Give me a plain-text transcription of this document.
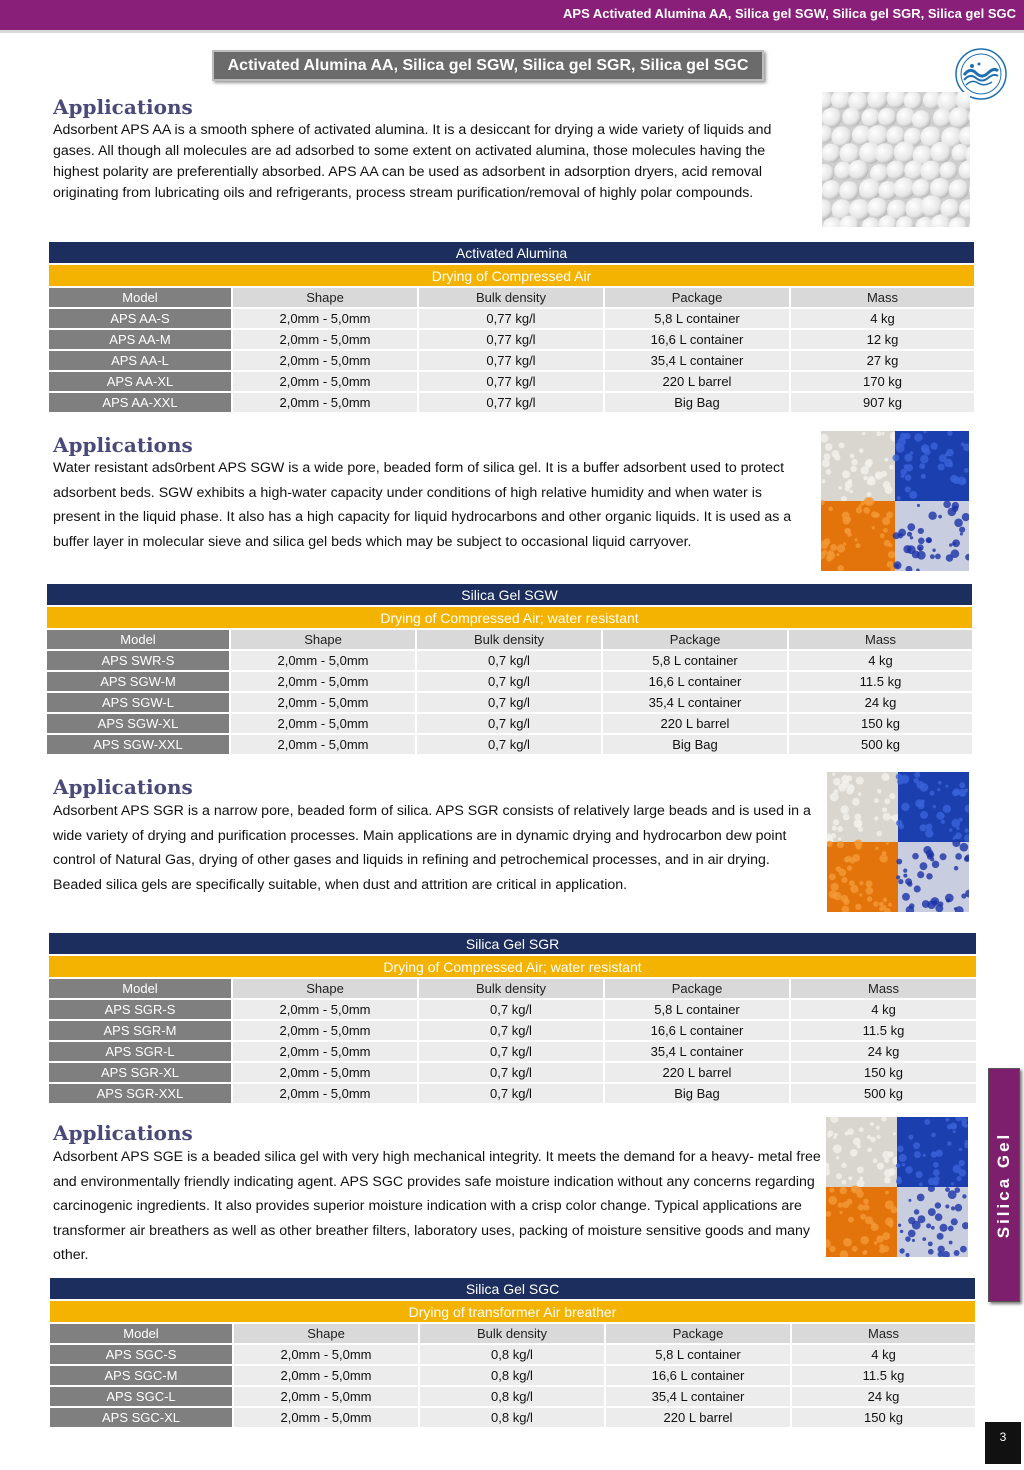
APS Activated Alumina AA, Silica gel SGW, Silica gel SGR, Silica gel SGC
Activated Alumina AA, Silica gel SGW, Silica gel SGR, Silica gel SGC
Applications
Adsorbent APS AA is a smooth sphere of activated alumina. It is a desiccant for drying a wide variety of liquids and gases. All though all molecules are ad adsorbed to some extent on activated alumina, those molecules having the highest polarity are preferentially absorbed. APS AA can be used as adsorbent in adsorption dryers, acid removal originating from lubricating oils and refrigerants, process stream purification/removal of highly polar compounds.
Activated Alumina				
Drying of Compressed Air				
Model	Shape	Bulk density	Package	Mass
APS AA-S	2,0mm - 5,0mm	0,77 kg/l	5,8 L container	4 kg
APS AA-M	2,0mm - 5,0mm	0,77 kg/l	16,6 L container	12 kg
APS AA-L	2,0mm - 5,0mm	0,77 kg/l	35,4 L container	27 kg
APS AA-XL	2,0mm - 5,0mm	0,77 kg/l	220 L barrel	170 kg
APS AA-XXL	2,0mm - 5,0mm	0,77 kg/l	Big Bag	907 kg
Applications
Water resistant ads0rbent APS SGW is a wide pore, beaded form of silica gel. It is a buffer adsorbent used to protect adsorbent beds. SGW exhibits a high-water capacity under conditions of high relative humidity and when water is present in the liquid phase. It also has a high capacity for liquid hydrocarbons and other organic liquids. It is used as a buffer layer in molecular sieve and silica gel beds which may be subject to occasional liquid carryover.
Silica Gel SGW				
Drying of Compressed Air; water resistant				
Model	Shape	Bulk density	Package	Mass
APS SWR-S	2,0mm - 5,0mm	0,7 kg/l	5,8 L container	4 kg
APS SGW-M	2,0mm - 5,0mm	0,7 kg/l	16,6 L container	11.5 kg
APS SGW-L	2,0mm - 5,0mm	0,7 kg/l	35,4 L container	24 kg
APS SGW-XL	2,0mm - 5,0mm	0,7 kg/l	220 L barrel	150 kg
APS SGW-XXL	2,0mm - 5,0mm	0,7 kg/l	Big Bag	500 kg
Applications
Adsorbent APS SGR is a narrow pore, beaded form of silica. APS SGR consists of relatively large beads and is used in a wide variety of drying and purification processes. Main applications are in dynamic drying and hydrocarbon dew point control of Natural Gas, drying of other gases and liquids in refining and petrochemical processes, and in air drying. Beaded silica gels are specifically suitable, when dust and attrition are critical in application.
Silica Gel SGR				
Drying of Compressed Air; water resistant				
Model	Shape	Bulk density	Package	Mass
APS SGR-S	2,0mm - 5,0mm	0,7 kg/l	5,8 L container	4 kg
APS SGR-M	2,0mm - 5,0mm	0,7 kg/l	16,6 L container	11.5 kg
APS SGR-L	2,0mm - 5,0mm	0,7 kg/l	35,4 L container	24 kg
APS SGR-XL	2,0mm - 5,0mm	0,7 kg/l	220 L barrel	150 kg
APS SGR-XXL	2,0mm - 5,0mm	0,7 kg/l	Big Bag	500 kg
Applications
Adsorbent APS SGE is a beaded silica gel with very high mechanical integrity. It meets the demand for a heavy- metal free and environmentally friendly indicating agent. APS SGC provides safe moisture indication without any concerns regarding carcinogenic ingredients. It also provides superior moisture indication with a crisp color change. Typical applications are transformer air breathers as well as other breather filters, laboratory uses, packing of moisture sensitive goods and many other.
Silica Gel SGC				
Drying of transformer Air breather				
Model	Shape	Bulk density	Package	Mass
APS SGC-S	2,0mm - 5,0mm	0,8 kg/l	5,8 L container	4 kg
APS SGC-M	2,0mm - 5,0mm	0,8 kg/l	16,6 L container	11.5 kg
APS SGC-L	2,0mm - 5,0mm	0,8 kg/l	35,4 L container	24 kg
APS SGC-XL	2,0mm - 5,0mm	0,8 kg/l	220 L barrel	150 kg
Silica Gel
3
